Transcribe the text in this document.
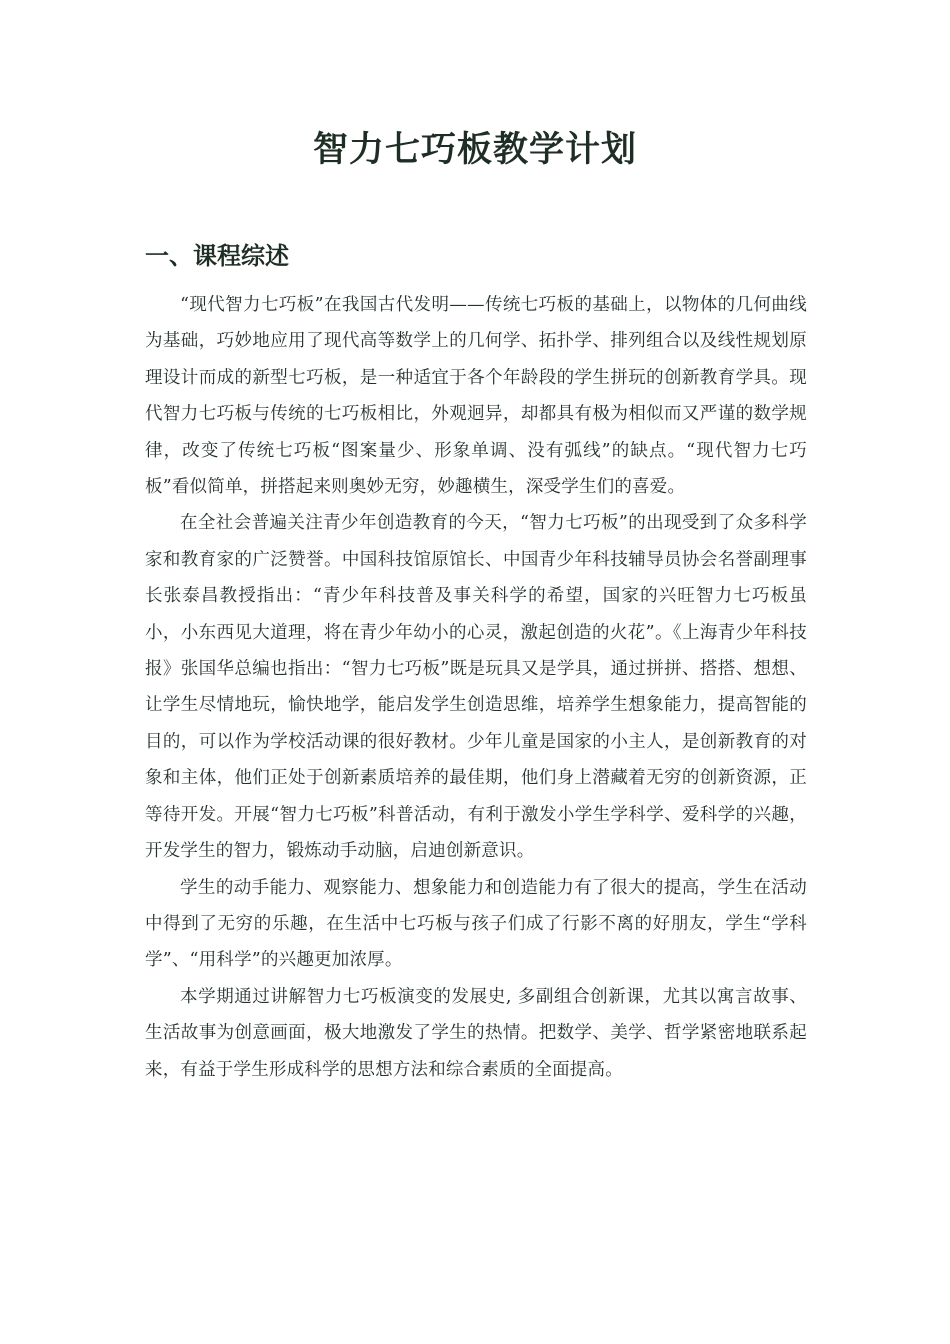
智力七巧板教学计划
一、课程综述

“现代智力七巧板”在我国古代发明——传统七巧板的基础上，以物体的几何曲线为基础，巧妙地应用了现代高等数学上的几何学、拓扑学、排列组合以及线性规划原理设计而成的新型七巧板，是一种适宜于各个年龄段的学生拼玩的创新教育学具。现代智力七巧板与传统的七巧板相比，外观迥异，却都具有极为相似而又严谨的数学规律，改变了传统七巧板“图案量少、形象单调、没有弧线”的缺点。“现代智力七巧板”看似简单，拼搭起来则奥妙无穷，妙趣横生，深受学生们的喜爱。

在全社会普遍关注青少年创造教育的今天，“智力七巧板”的出现受到了众多科学家和教育家的广泛赞誉。中国科技馆原馆长、中国青少年科技辅导员协会名誉副理事长张泰昌教授指出：“青少年科技普及事关科学的希望，国家的兴旺智力七巧板虽小，小东西见大道理，将在青少年幼小的心灵，激起创造的火花”。《上海青少年科技报》张国华总编也指出：“智力七巧板”既是玩具又是学具，通过拼拼、搭搭、想想、让学生尽情地玩，愉快地学，能启发学生创造思维，培养学生想象能力，提高智能的目的，可以作为学校活动课的很好教材。少年儿童是国家的小主人，是创新教育的对象和主体，他们正处于创新素质培养的最佳期，他们身上潜藏着无穷的创新资源，正等待开发。开展“智力七巧板”科普活动，有利于激发小学生学科学、爱科学的兴趣，开发学生的智力，锻炼动手动脑，启迪创新意识。

学生的动手能力、观察能力、想象能力和创造能力有了很大的提高，学生在活动中得到了无穷的乐趣，在生活中七巧板与孩子们成了行影不离的好朋友，学生“学科学”、“用科学”的兴趣更加浓厚。

本学期通过讲解智力七巧板演变的发展史, 多副组合创新课，尤其以寓言故事、生活故事为创意画面，极大地激发了学生的热情。把数学、美学、哲学紧密地联系起来，有益于学生形成科学的思想方法和综合素质的全面提高。
